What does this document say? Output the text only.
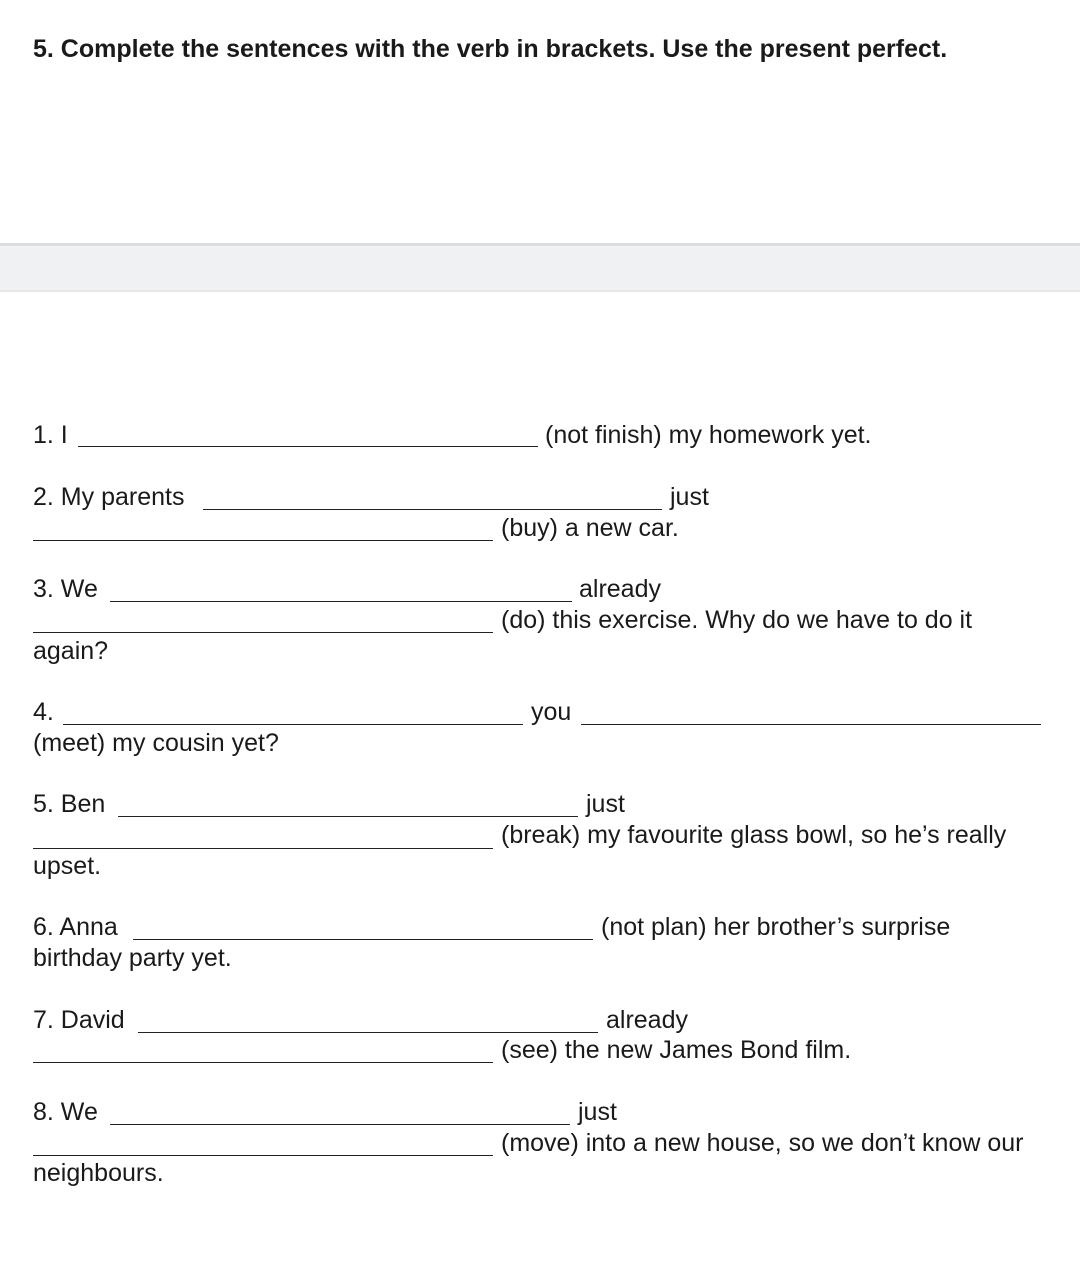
5. Complete the sentences with the verb in brackets. Use the present perfect.
1. I	(not finish) my homework yet.
2. My parents	just
(buy) a new car.
3. We	already
(do) this exercise. Why do we have to do it
again?
4.	you
(meet) my cousin yet?
5. Ben	just
(break) my favourite glass bowl, so he’s really
upset.
6. Anna	(not plan) her brother’s surprise
birthday party yet.
7. David	already
(see) the new James Bond film.
8. We	just
(move) into a new house, so we don’t know our
neighbours.
